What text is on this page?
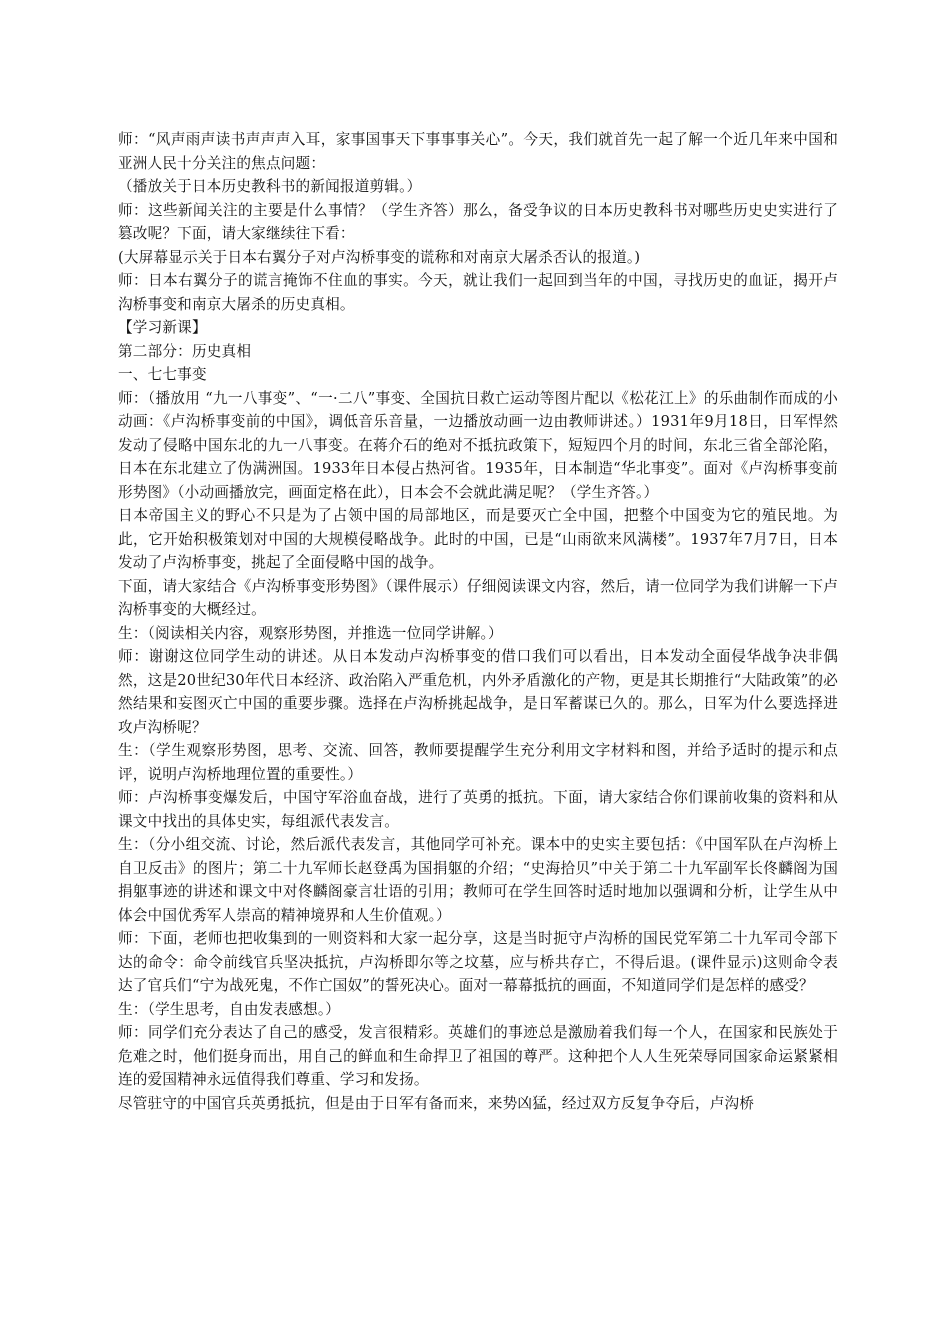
师：“风声雨声读书声声声入耳，家事国事天下事事事关心”。今天，我们就首先一起了解一个近几年来中国和亚洲人民十分关注的焦点问题：

（播放关于日本历史教科书的新闻报道剪辑。）

师：这些新闻关注的主要是什么事情？（学生齐答）那么，备受争议的日本历史教科书对哪些历史史实进行了篡改呢？下面，请大家继续往下看：

(大屏幕显示关于日本右翼分子对卢沟桥事变的谎称和对南京大屠杀否认的报道。)

师：日本右翼分子的谎言掩饰不住血的事实。今天，就让我们一起回到当年的中国，寻找历史的血证，揭开卢沟桥事变和南京大屠杀的历史真相。

【学习新课】

第二部分：历史真相

一、七七事变

师：（播放用 “九一八事变”、“一·二八”事变、全国抗日救亡运动等图片配以《松花江上》的乐曲制作而成的小动画：《卢沟桥事变前的中国》，调低音乐音量，一边播放动画一边由教师讲述。）1931年9月18日，日军悍然发动了侵略中国东北的九一八事变。在蒋介石的绝对不抵抗政策下，短短四个月的时间，东北三省全部沦陷，日本在东北建立了伪满洲国。1933年日本侵占热河省。1935年，日本制造“华北事变”。面对《卢沟桥事变前形势图》（小动画播放完，画面定格在此），日本会不会就此满足呢？（学生齐答。）

日本帝国主义的野心不只是为了占领中国的局部地区，而是要灭亡全中国，把整个中国变为它的殖民地。为此，它开始积极策划对中国的大规模侵略战争。此时的中国，已是“山雨欲来风满楼”。1937年7月7日，日本发动了卢沟桥事变，挑起了全面侵略中国的战争。

下面，请大家结合《卢沟桥事变形势图》（课件展示）仔细阅读课文内容，然后，请一位同学为我们讲解一下卢沟桥事变的大概经过。

生：（阅读相关内容，观察形势图，并推选一位同学讲解。）

师：谢谢这位同学生动的讲述。从日本发动卢沟桥事变的借口我们可以看出，日本发动全面侵华战争决非偶然，这是20世纪30年代日本经济、政治陷入严重危机，内外矛盾激化的产物，更是其长期推行“大陆政策”的必然结果和妄图灭亡中国的重要步骤。选择在卢沟桥挑起战争，是日军蓄谋已久的。那么，日军为什么要选择进攻卢沟桥呢？

生：（学生观察形势图，思考、交流、回答，教师要提醒学生充分利用文字材料和图，并给予适时的提示和点评，说明卢沟桥地理位置的重要性。）

师：卢沟桥事变爆发后，中国守军浴血奋战，进行了英勇的抵抗。下面，请大家结合你们课前收集的资料和从课文中找出的具体史实，每组派代表发言。

生：（分小组交流、讨论，然后派代表发言，其他同学可补充。课本中的史实主要包括：《中国军队在卢沟桥上自卫反击》的图片；第二十九军师长赵登禹为国捐躯的介绍；“史海拾贝”中关于第二十九军副军长佟麟阁为国捐躯事迹的讲述和课文中对佟麟阁豪言壮语的引用；教师可在学生回答时适时地加以强调和分析，让学生从中体会中国优秀军人崇高的精神境界和人生价值观。）

师：下面，老师也把收集到的一则资料和大家一起分享，这是当时扼守卢沟桥的国民党军第二十九军司令部下达的命令：命令前线官兵坚决抵抗，卢沟桥即尔等之坟墓，应与桥共存亡，不得后退。(课件显示)这则命令表达了官兵们“宁为战死鬼，不作亡国奴”的誓死决心。面对一幕幕抵抗的画面，不知道同学们是怎样的感受？

生：（学生思考，自由发表感想。）

师：同学们充分表达了自己的感受，发言很精彩。英雄们的事迹总是激励着我们每一个人，在国家和民族处于危难之时，他们挺身而出，用自己的鲜血和生命捍卫了祖国的尊严。这种把个人人生死荣辱同国家命运紧紧相连的爱国精神永远值得我们尊重、学习和发扬。

尽管驻守的中国官兵英勇抵抗，但是由于日军有备而来，来势凶猛，经过双方反复争夺后，卢沟桥
